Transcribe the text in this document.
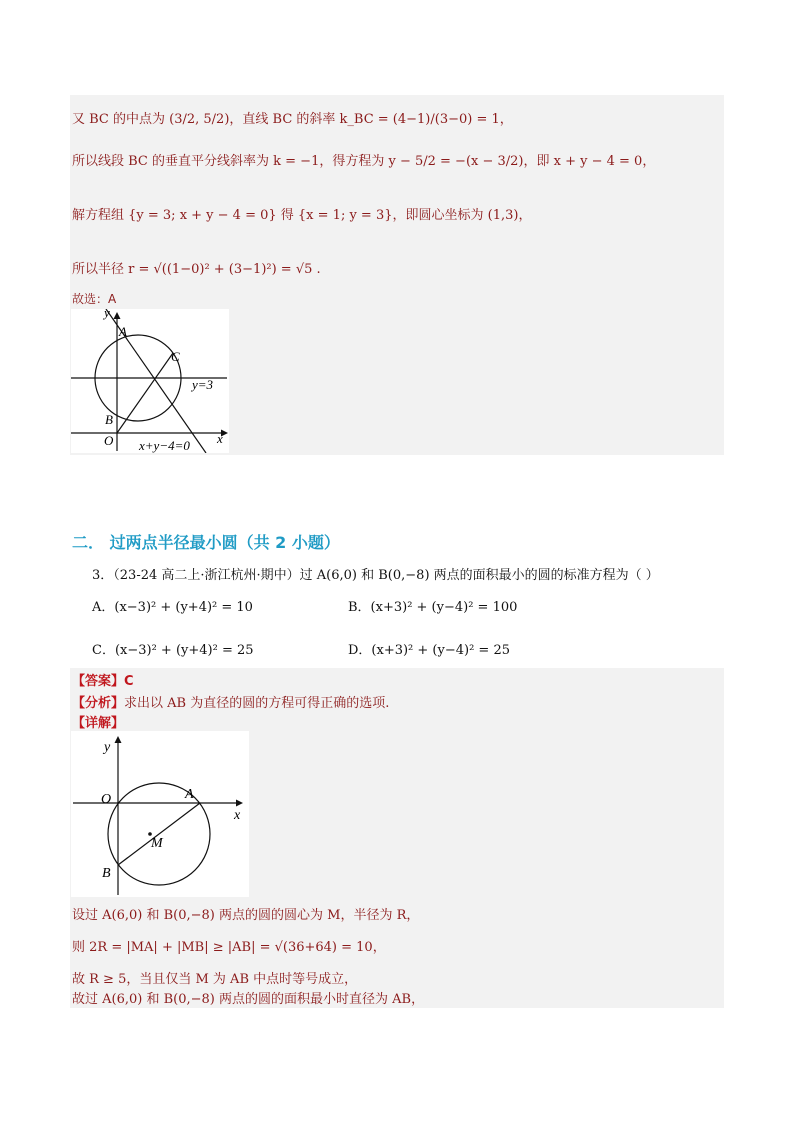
又 BC 的中点为 (3/2, 5/2)，直线 BC 的斜率 k_BC = (4−1)/(3−0) = 1，
所以线段 BC 的垂直平分线斜率为 k = −1，得方程为 y − 5/2 = −(x − 3/2)，即 x + y − 4 = 0，
解方程组 {y = 3; x + y − 4 = 0} 得 {x = 1; y = 3}，即圆心坐标为 (1,3)，
所以半径 r = √((1−0)² + (3−1)²) = √5 .
故选：A
y
A
C
y=3
B
O	x
x+y−4=0
二． 过两点半径最小圆（共 2 小题）
3．（23-24 高二上·浙江杭州·期中）过 A(6,0) 和 B(0,−8) 两点的面积最小的圆的标准方程为（ ）
A．(x−3)² + (y+4)² = 10	B．(x+3)² + (y−4)² = 100
C．(x−3)² + (y+4)² = 25	D．(x+3)² + (y−4)² = 25
【答案】C
【分析】求出以 AB 为直径的圆的方程可得正确的选项.
【详解】
y
O	A
x
M
B
设过 A(6,0) 和 B(0,−8) 两点的圆的圆心为 M，半径为 R，
则 2R = |MA| + |MB| ≥ |AB| = √(36+64) = 10，
故 R ≥ 5，当且仅当 M 为 AB 中点时等号成立，
故过 A(6,0) 和 B(0,−8) 两点的圆的面积最小时直径为 AB，
